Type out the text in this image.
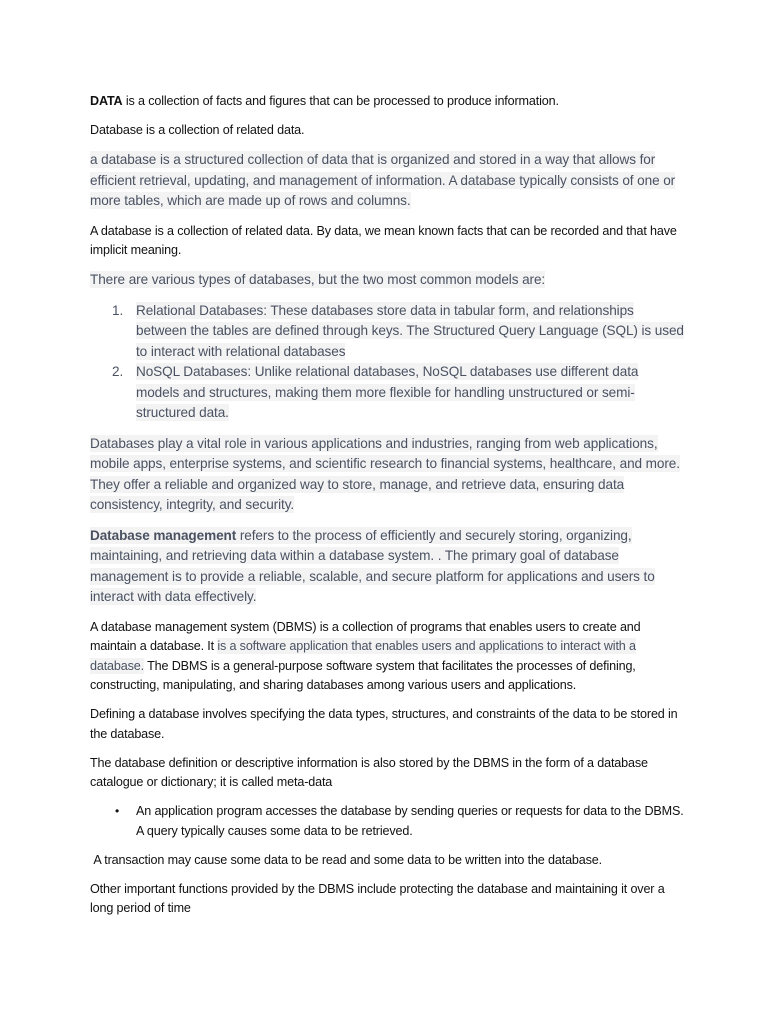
DATA is a collection of facts and figures that can be processed to produce information.

Database is a collection of related data.

a database is a structured collection of data that is organized and stored in a way that allows for efficient retrieval, updating, and management of information. A database typically consists of one or more tables, which are made up of rows and columns.

A database is a collection of related data. By data, we mean known facts that can be recorded and that have implicit meaning.

There are various types of databases, but the two most common models are:

1. Relational Databases: These databases store data in tabular form, and relationships between the tables are defined through keys. The Structured Query Language (SQL) is used to interact with relational databases
2. NoSQL Databases: Unlike relational databases, NoSQL databases use different data models and structures, making them more flexible for handling unstructured or semi-structured data.

Databases play a vital role in various applications and industries, ranging from web applications, mobile apps, enterprise systems, and scientific research to financial systems, healthcare, and more. They offer a reliable and organized way to store, manage, and retrieve data, ensuring data consistency, integrity, and security.

Database management refers to the process of efficiently and securely storing, organizing, maintaining, and retrieving data within a database system. . The primary goal of database management is to provide a reliable, scalable, and secure platform for applications and users to interact with data effectively.

A database management system (DBMS) is a collection of programs that enables users to create and maintain a database. It is a software application that enables users and applications to interact with a database. The DBMS is a general-purpose software system that facilitates the processes of defining, constructing, manipulating, and sharing databases among various users and applications.

Defining a database involves specifying the data types, structures, and constraints of the data to be stored in the database.

The database definition or descriptive information is also stored by the DBMS in the form of a database catalogue or dictionary; it is called meta-data

• An application program accesses the database by sending queries or requests for data to the DBMS. A query typically causes some data to be retrieved.

A transaction may cause some data to be read and some data to be written into the database.

Other important functions provided by the DBMS include protecting the database and maintaining it over a long period of time
